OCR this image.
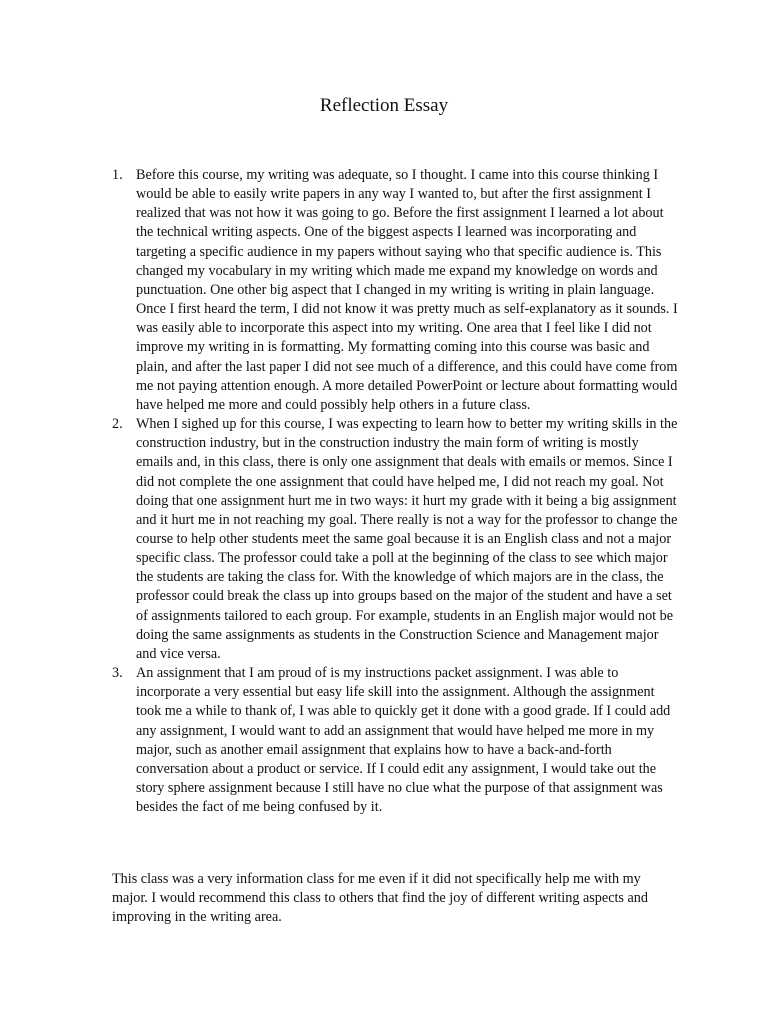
Reflection Essay
1. Before this course, my writing was adequate, so I thought. I came into this course thinking I would be able to easily write papers in any way I wanted to, but after the first assignment I realized that was not how it was going to go. Before the first assignment I learned a lot about the technical writing aspects. One of the biggest aspects I learned was incorporating and targeting a specific audience in my papers without saying who that specific audience is. This changed my vocabulary in my writing which made me expand my knowledge on words and punctuation. One other big aspect that I changed in my writing is writing in plain language. Once I first heard the term, I did not know it was pretty much as self-explanatory as it sounds. I was easily able to incorporate this aspect into my writing. One area that I feel like I did not improve my writing in is formatting. My formatting coming into this course was basic and plain, and after the last paper I did not see much of a difference, and this could have come from me not paying attention enough. A more detailed PowerPoint or lecture about formatting would have helped me more and could possibly help others in a future class.
2. When I sighed up for this course, I was expecting to learn how to better my writing skills in the construction industry, but in the construction industry the main form of writing is mostly emails and, in this class, there is only one assignment that deals with emails or memos. Since I did not complete the one assignment that could have helped me, I did not reach my goal. Not doing that one assignment hurt me in two ways: it hurt my grade with it being a big assignment and it hurt me in not reaching my goal. There really is not a way for the professor to change the course to help other students meet the same goal because it is an English class and not a major specific class. The professor could take a poll at the beginning of the class to see which major the students are taking the class for. With the knowledge of which majors are in the class, the professor could break the class up into groups based on the major of the student and have a set of assignments tailored to each group. For example, students in an English major would not be doing the same assignments as students in the Construction Science and Management major and vice versa.
3. An assignment that I am proud of is my instructions packet assignment. I was able to incorporate a very essential but easy life skill into the assignment. Although the assignment took me a while to thank of, I was able to quickly get it done with a good grade. If I could add any assignment, I would want to add an assignment that would have helped me more in my major, such as another email assignment that explains how to have a back-and-forth conversation about a product or service. If I could edit any assignment, I would take out the story sphere assignment because I still have no clue what the purpose of that assignment was besides the fact of me being confused by it.

This class was a very information class for me even if it did not specifically help me with my major. I would recommend this class to others that find the joy of different writing aspects and improving in the writing area.
